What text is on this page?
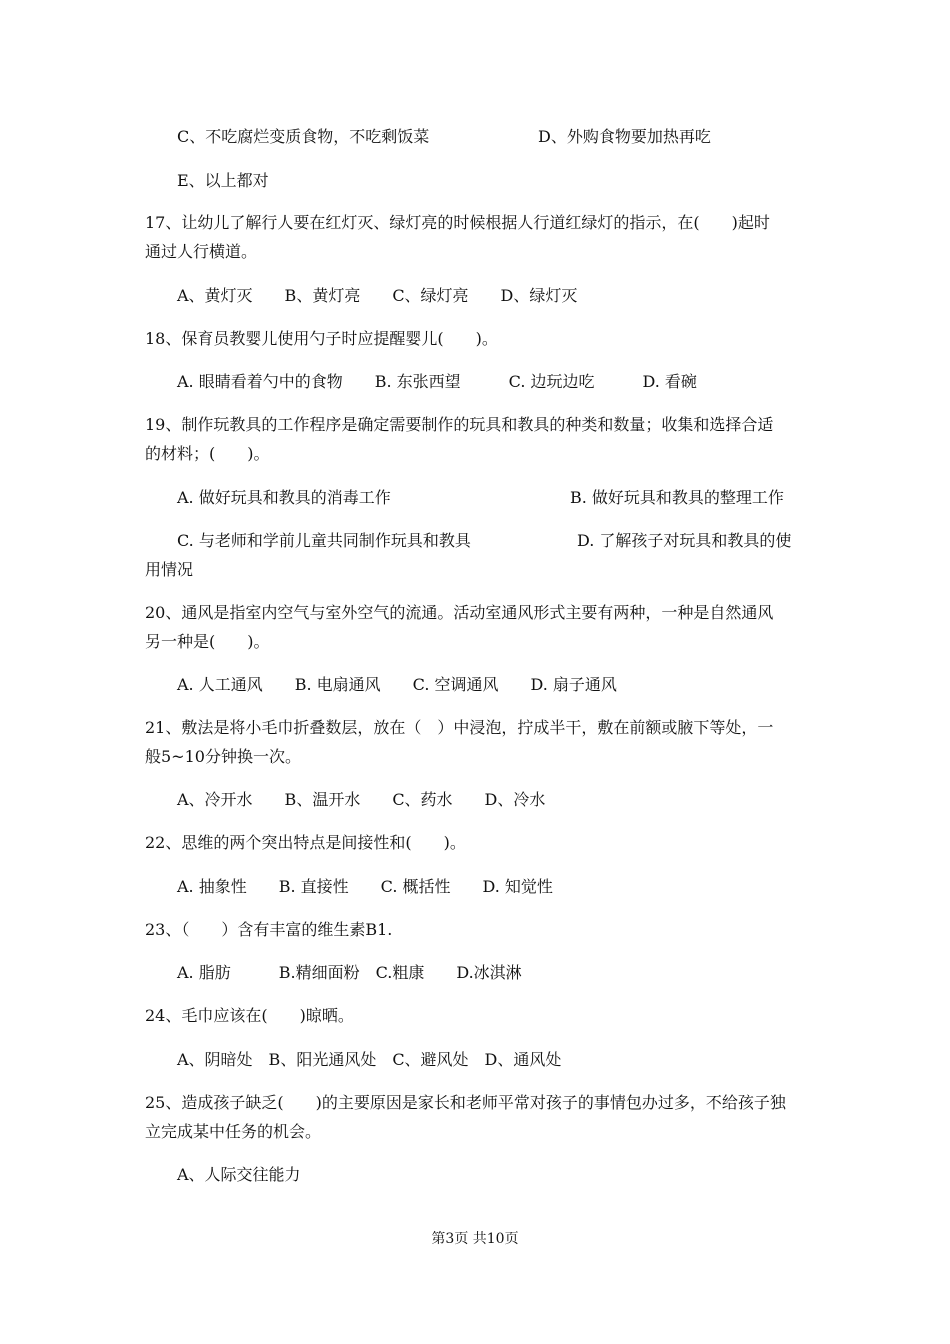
C、不吃腐烂变质食物，不吃剩饭菜	D、外购食物要加热再吃
E、以上都对
17、让幼儿了解行人要在红灯灭、绿灯亮的时候根据人行道红绿灯的指示，在(　　)起时
通过人行横道。
A、黄灯灭　　B、黄灯亮　　C、绿灯亮　　D、绿灯灭
18、保育员教婴儿使用勺子时应提醒婴儿(　　)。
A. 眼睛看着勺中的食物　　B. 东张西望　　　C. 边玩边吃　　　D. 看碗
19、制作玩教具的工作程序是确定需要制作的玩具和教具的种类和数量；收集和选择合适
的材料；(　　)。
A. 做好玩具和教具的消毒工作	B. 做好玩具和教具的整理工作
C. 与老师和学前儿童共同制作玩具和教具	D. 了解孩子对玩具和教具的使
用情况
20、通风是指室内空气与室外空气的流通。活动室通风形式主要有两种，一种是自然通风
另一种是(　　)。
A. 人工通风　　B. 电扇通风　　C. 空调通风　　D. 扇子通风
21、敷法是将小毛巾折叠数层，放在（　）中浸泡，拧成半干，敷在前额或腋下等处，一
般5~10分钟换一次。
A、冷开水　　B、温开水　　C、药水　　D、冷水
22、思维的两个突出特点是间接性和(　　)。
A. 抽象性　　B. 直接性　　C. 概括性　　D. 知觉性
23、（　　）含有丰富的维生素B1.
A. 脂肪　　　B.精细面粉　C.粗康　　D.冰淇淋
24、毛巾应该在(　　)晾晒。
A、阴暗处　B、阳光通风处　C、避风处　D、通风处
25、造成孩子缺乏(　　)的主要原因是家长和老师平常对孩子的事情包办过多，不给孩子独
立完成某中任务的机会。
A、人际交往能力
第3页 共10页
